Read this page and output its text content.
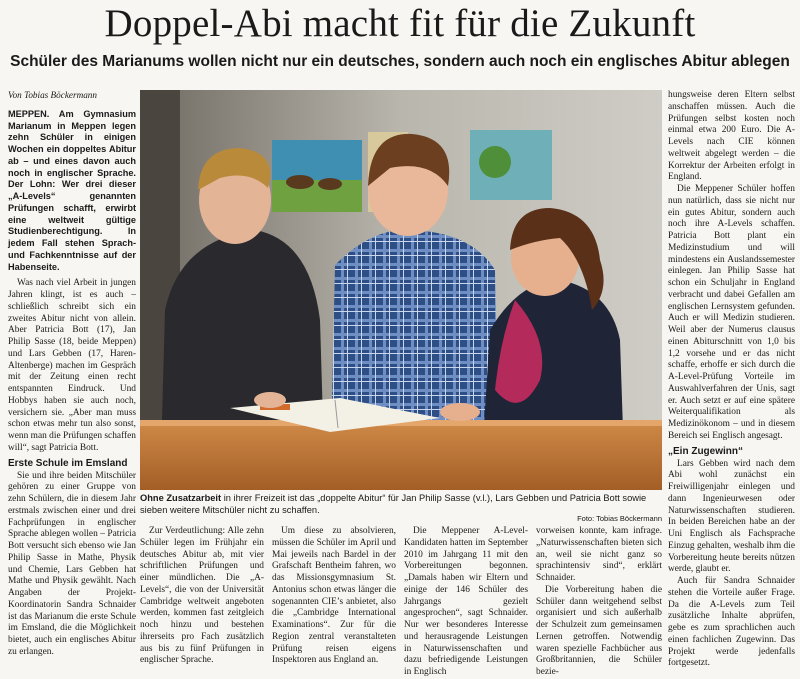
Doppel-Abi macht fit für die Zukunft
Schüler des Marianums wollen nicht nur ein deutsches, sondern auch noch ein englisches Abitur ablegen
Von Tobias Böckermann
MEPPEN. Am Gymnasium Marianum in Meppen legen zehn Schüler in einigen Wochen ein doppeltes Abitur ab – und eines davon auch noch in englischer Sprache. Der Lohn: Wer drei dieser „A-Levels“ genannten Prüfungen schafft, erwirbt eine weltweit gültige Studienberechtigung. In jedem Fall stehen Sprach- und Fachkenntnisse auf der Habenseite.

Was nach viel Arbeit in jungen Jahren klingt, ist es auch – schließlich schreibt sich ein zweites Abitur nicht von allein. Aber Patricia Bott (17), Jan Philip Sasse (18, beide Meppen) und Lars Gebben (17, Haren-Altenberge) machen im Gespräch mit der Zeitung einen recht entspannten Eindruck. Und Hobbys haben sie auch noch, versichern sie. „Aber man muss schon etwas mehr tun also sonst, wenn man die Prüfungen schaffen will“, sagt Patricia Bott.

Erste Schule im Emsland

Sie und ihre beiden Mitschüler gehören zu einer Gruppe von zehn Schülern, die in diesem Jahr erstmals zwischen einer und drei Fachprüfungen in englischer Sprache ablegen wollen – Patricia Bott versucht sich ebenso wie Jan Philip Sasse in Mathe, Physik und Chemie, Lars Gebben hat Mathe und Physik gewählt. Nach Angaben der Projekt-Koordinatorin Sandra Schnaider ist das Marianum die erste Schule im Emsland, die die Möglichkeit bietet, auch ein englisches Abitur zu erlangen.

Ohne Zusatzarbeit in ihrer Freizeit ist das „doppelte Abitur“ für Jan Philip Sasse (v.l.), Lars Gebben und Patricia Bott sowie sieben weitere Mitschüler nicht zu schaffen.
Foto: Tobias Böckermann

Zur Verdeutlichung: Alle zehn Schüler legen im Frühjahr ein deutsches Abitur ab, mit vier schriftlichen Prüfungen und einer mündlichen. Die „A-Levels“, die von der Universität Cambridge weltweit angeboten werden, kommen fast zeitgleich noch hinzu und bestehen ihrerseits pro Fach zusätzlich aus bis zu fünf Prüfungen in englischer Sprache.

Um diese zu absolvieren, müssen die Schüler im April und Mai jeweils nach Bardel in der Grafschaft Bentheim fahren, wo das Missionsgymnasium St. Antonius schon etwas länger die sogenannten CIE’s anbietet, also die „Cambridge International Examinations“. Zur für die Region zentral veranstalteten Prüfung reisen eigens Inspektoren aus England an.

Die Meppener A-Level-Kandidaten hatten im September 2010 im Jahrgang 11 mit den Vorbereitungen begonnen. „Damals haben wir Eltern und einige der 146 Schüler des Jahrgangs gezielt angesprochen“, sagt Schnaider. Nur wer besonderes Interesse und herausragende Leistungen in Naturwissenschaften und dazu befriedigende Leistungen in Englisch

vorweisen konnte, kam infrage. „Naturwissenschaften bieten sich an, weil sie nicht ganz so sprachintensiv sind“, erklärt Schnaider.

Die Vorbereitung haben die Schüler dann weitgehend selbst organisiert und sich außerhalb der Schulzeit zum gemeinsamen Lernen getroffen. Notwendig waren spezielle Fachbücher aus Großbritannien, die Schüler bezie-

hungsweise deren Eltern selbst anschaffen müssen. Auch die Prüfungen selbst kosten noch einmal etwa 200 Euro. Die A-Levels nach CIE können weltweit abgelegt werden – die Korrektur der Arbeiten erfolgt in England.

Die Meppener Schüler hoffen nun natürlich, dass sie nicht nur ein gutes Abitur, sondern auch noch ihre A-Levels schaffen. Patricia Bott plant ein Medizinstudium und will mindestens ein Auslandssemester einlegen. Jan Philip Sasse hat schon ein Schuljahr in England verbracht und dabei Gefallen am englischen Lernsystem gefunden. Auch er will Medizin studieren. Weil aber der Numerus clausus einen Abiturschnitt von 1,0 bis 1,2 vorsehe und er das nicht schaffe, erhoffe er sich durch die A-Level-Prüfung Vorteile im Auswahlverfahren der Unis, sagt er. Auch setzt er auf eine spätere Weiterqualifikation als Medizinökonom – und in diesem Bereich sei Englisch angesagt.

„Ein Zugewinn“

Lars Gebben wird nach dem Abi wohl zunächst ein Freiwilligenjahr einlegen und dann Ingenieurwesen oder Naturwissenschaften studieren. In beiden Bereichen habe an der Uni Englisch als Fachsprache Einzug gehalten, weshalb ihm die Vorbereitung heute bereits nützen werde, glaubt er.

Auch für Sandra Schnaider stehen die Vorteile außer Frage. Da die A-Levels zum Teil zusätzliche Inhalte abprüfen, gebe es zum sprachlichen auch einen fachlichen Zugewinn. Das Projekt werde jedenfalls fortgesetzt.
